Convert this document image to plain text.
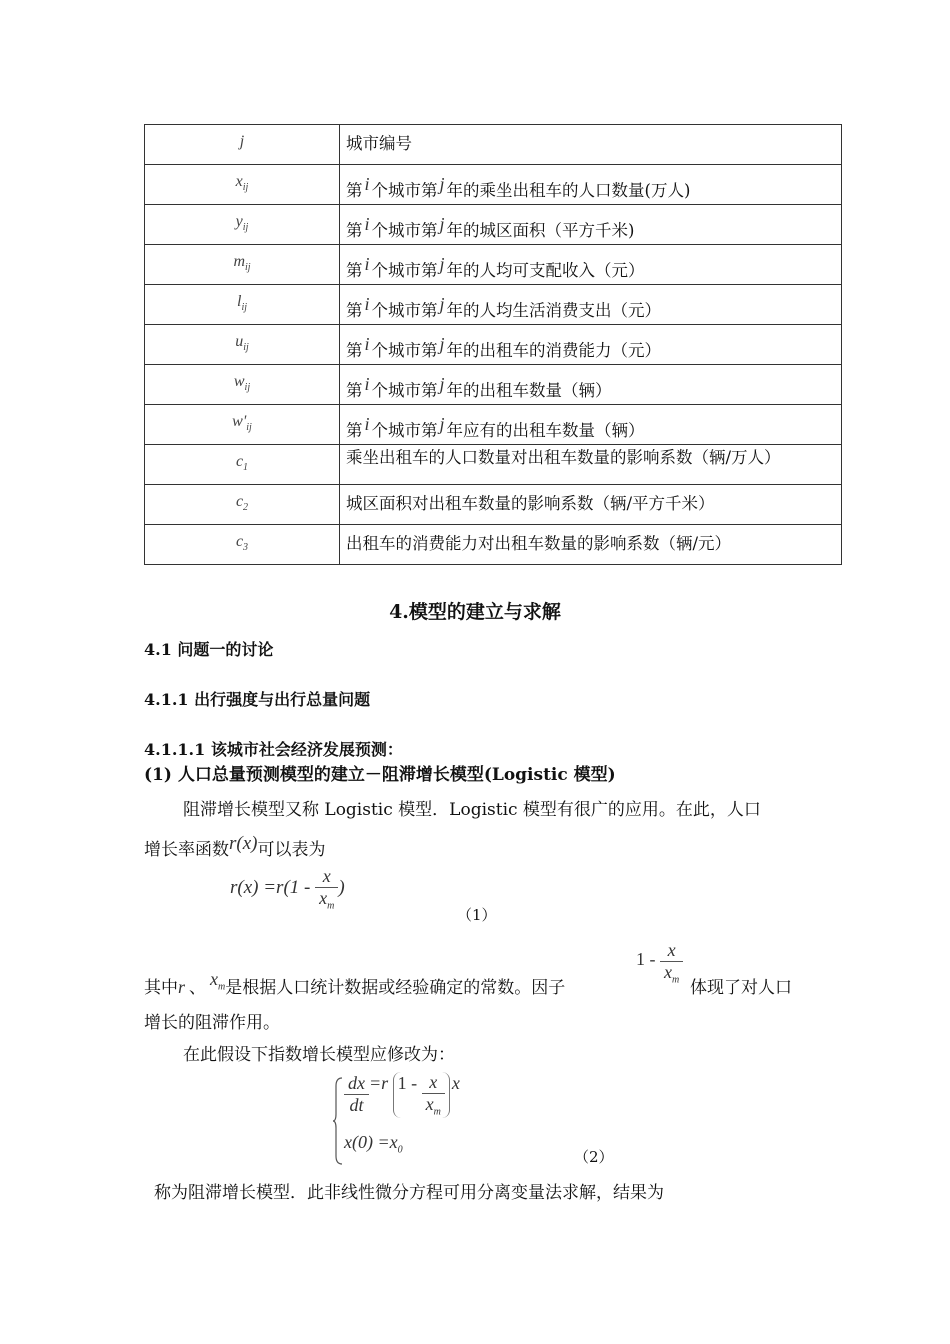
j	城市编号
$x_{ij}$	第 i 个城市第 j 年的乘坐出租车的人口数量(万人)
$y_{ij}$	第 i 个城市第 j 年的城区面积（平方千米)
$m_{ij}$	第 i 个城市第 j 年的人均可支配收入（元）
$l_{ij}$	第 i 个城市第 j 年的人均生活消费支出（元）
$u_{ij}$	第 i 个城市第 j 年的出租车的消费能力（元）
$w_{ij}$	第 i 个城市第 j 年的出租车数量（辆）
$w'_{ij}$	第 i 个城市第 j 年应有的出租车数量（辆）
$c_1$	乘坐出租车的人口数量对出租车数量的影响系数（辆/万人）
$c_2$	城区面积对出租车数量的影响系数（辆/平方千米）
$c_3$	出租车的消费能力对出租车数量的影响系数（辆/元）
4.模型的建立与求解
4.1 问题一的讨论
4.1.1 出行强度与出行总量问题
4.1.1.1 该城市社会经济发展预测：
(1) 人口总量预测模型的建立－阻滞增长模型(Logistic 模型)
阻滞增长模型又称 Logistic 模型．Logistic 模型有很广的应用。在此，人口
增长率函数r(x)可以表为
$r(x) =r(1 - \frac{x}{x_m}$ )
（1）
其中r 、 $x_m$是根据人口统计数据或经验确定的常数。因子
$1 - \frac{x}{x_m}$
体现了对人口
增长的阻滞作用。
在此假设下指数增长模型应修改为：
$\frac{dx}{dt} =r$ $1 - \frac{x}{x_m}$ x
$x(0) =x_0$	（2）
称为阻滞增长模型．此非线性微分方程可用分离变量法求解，结果为
